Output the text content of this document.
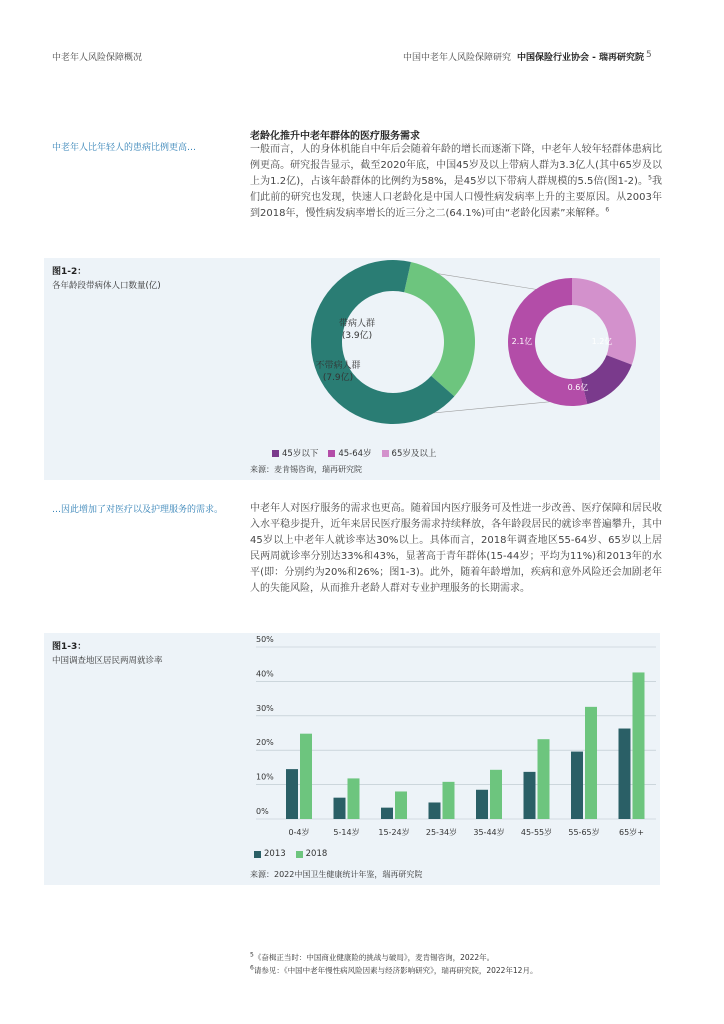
中老年人风险保障概况	中国中老年人风险保障研究 中国保险行业协会 - 瑞再研究院 5
中老年人比年轻人的患病比例更高…
老龄化推升中老年群体的医疗服务需求

一般而言，人的身体机能自中年后会随着年龄的增长而逐渐下降，中老年人较年轻群体患病比例更高。研究报告显示，截至2020年底，中国45岁及以上带病人群为3.3亿人(其中65岁及以上为1.2亿)，占该年龄群体的比例约为58%，是45岁以下带病人群规模的5.5倍(图1-2)。$^5$我们此前的研究也发现，快速人口老龄化是中国人口慢性病发病率上升的主要原因。从2003年到2018年，慢性病发病率增长的近三分之二(64.1%)可由“老龄化因素”来解释。$^6$

图1-2：
各年龄段带病体人口数量(亿)
带病人群
(3.9亿)
不带病人群
(7.9亿)
2.1亿	1.2亿
0.6亿
45岁以下 45-64岁 65岁及以上
来源：麦肯锡咨询，瑞再研究院
…因此增加了对医疗以及护理服务的需求。	中老年人对医疗服务的需求也更高。随着国内医疗服务可及性进一步改善、医疗保障和居民收入水平稳步提升，近年来居民医疗服务需求持续释放，各年龄段居民的就诊率普遍攀升，其中45岁以上中老年人就诊率达30%以上。具体而言，2018年调查地区55-64岁、65岁以上居民两周就诊率分别达33%和43%，显著高于青年群体(15-44岁；平均为11%)和2013年的水平(即：分别约为20%和26%；图1-3)。此外，随着年龄增加，疾病和意外风险还会加剧老年人的失能风险，从而推升老龄人群对专业护理服务的长期需求。

图1-3：
中国调查地区居民两周就诊率
0%
10%
20%
30%
40%
50%
0-4岁	5-14岁 15-24岁 25-34岁 35-44岁 45-55岁 55-65岁 65岁+
2013 2018
来源：2022中国卫生健康统计年鉴，瑞再研究院
$^5$《奋楫正当时：中国商业健康险的挑战与破局》，麦肯锡咨询，2022年。
$^6$请参见：《中国中老年慢性病风险因素与经济影响研究》，瑞再研究院，2022年12月。
